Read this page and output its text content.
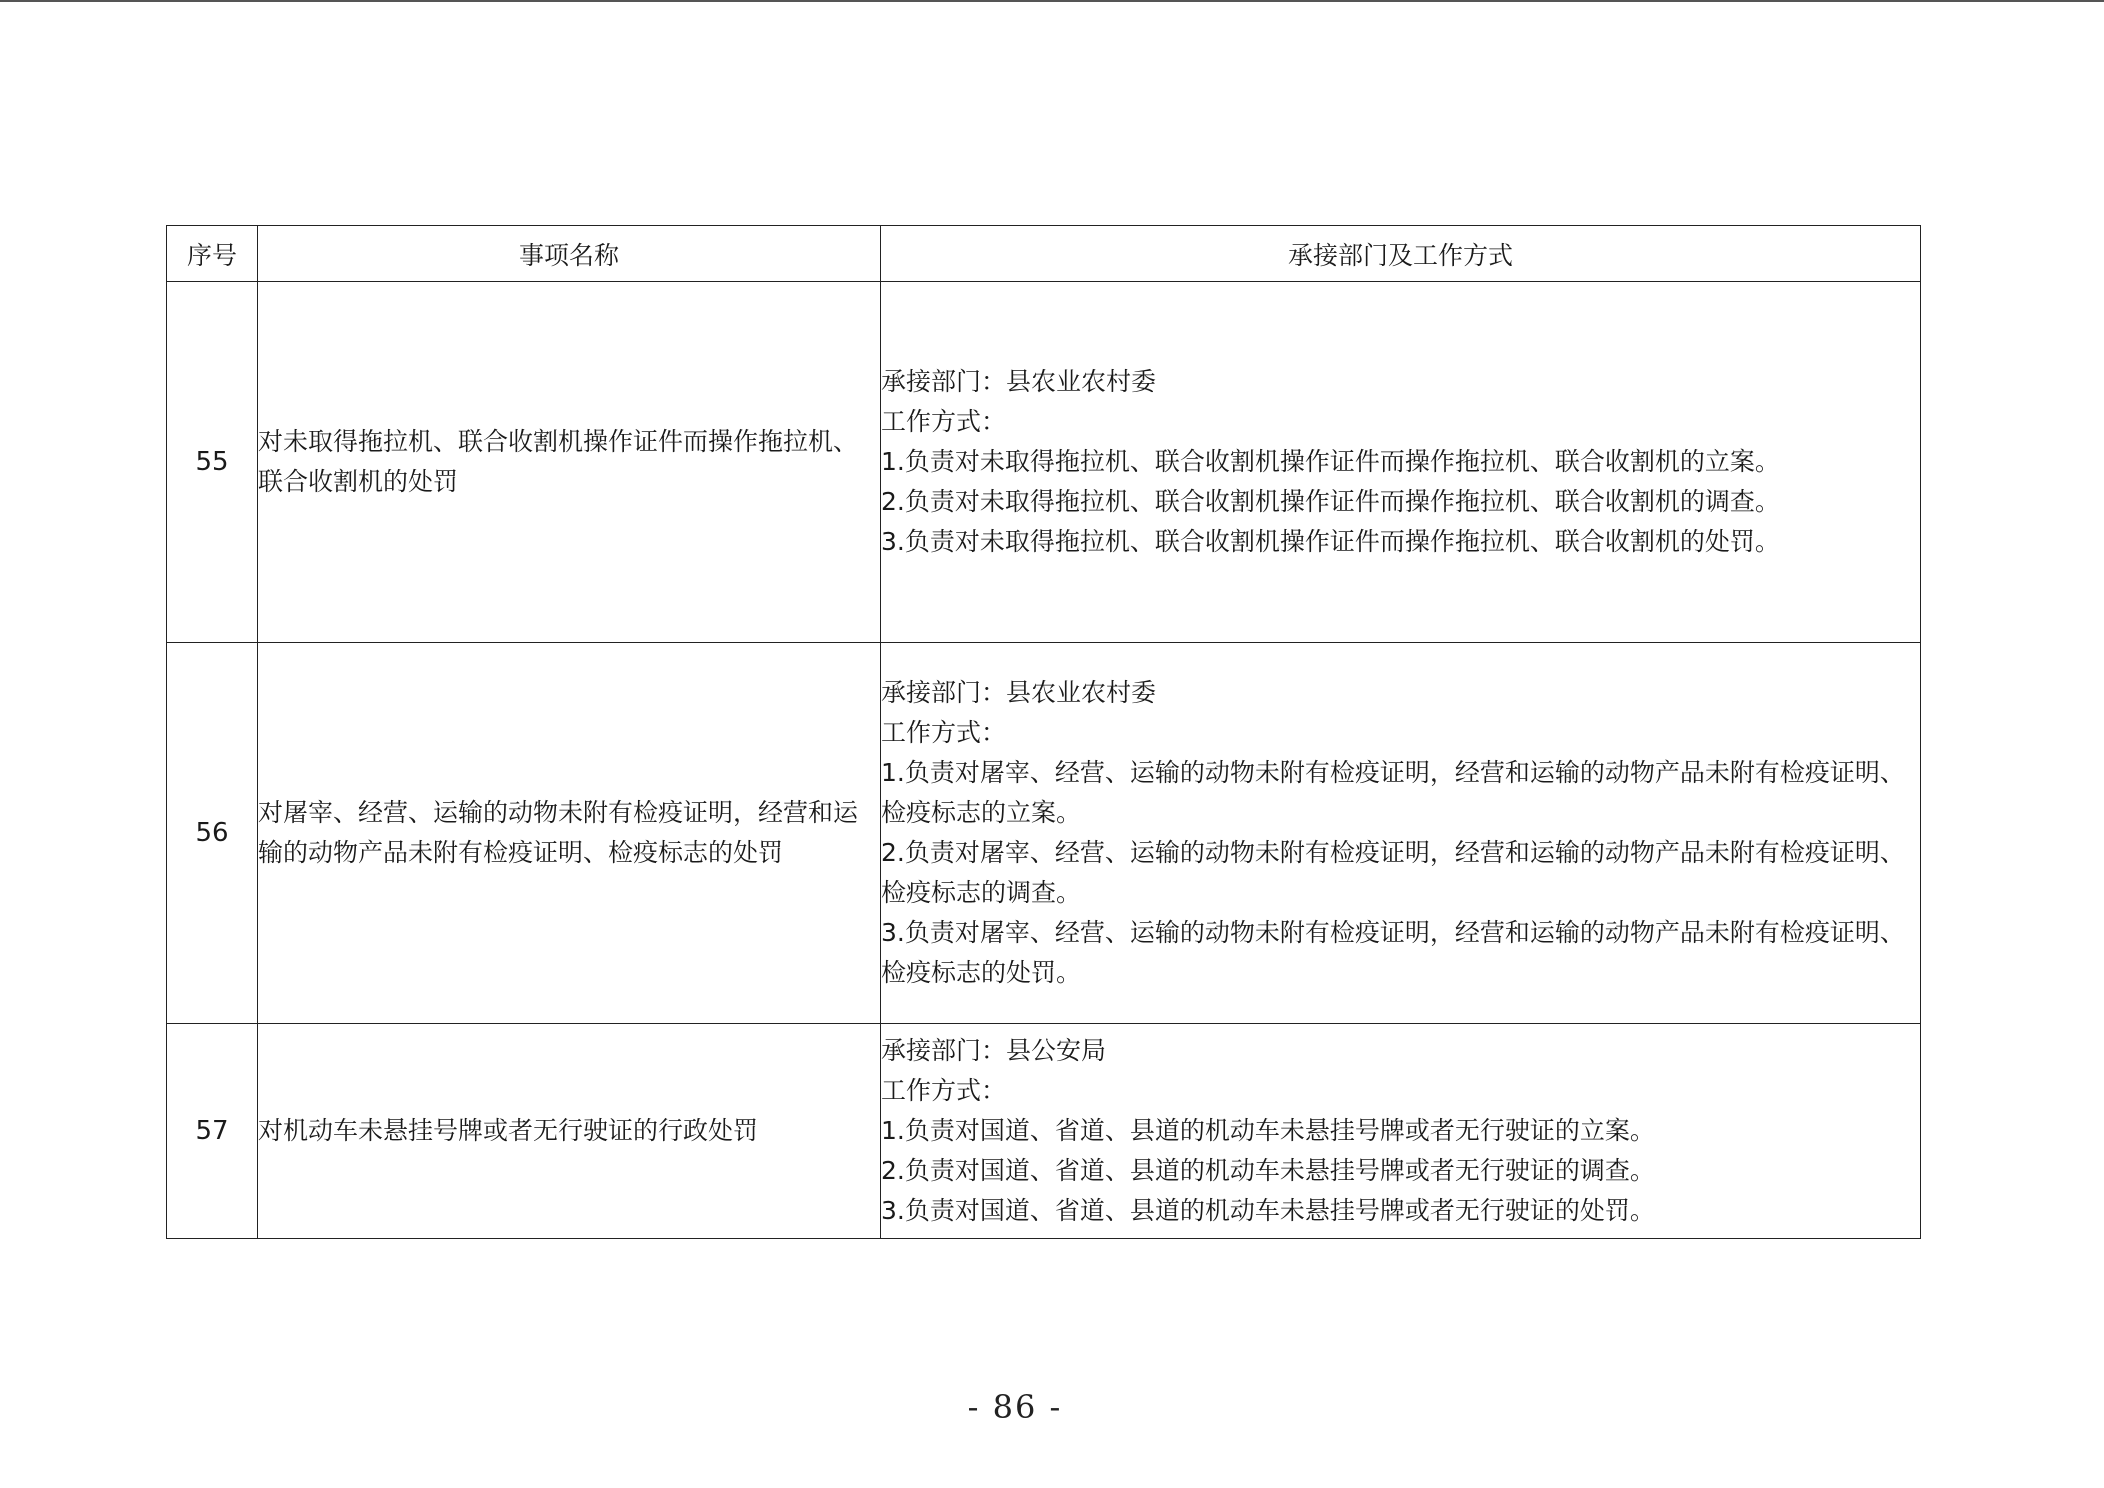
序号	事项名称	承接部门及工作方式
55	对未取得拖拉机、联合收割机操作证件而操作拖拉机、联合收割机的处罚	承接部门：县农业农村委
工作方式：
1.负责对未取得拖拉机、联合收割机操作证件而操作拖拉机、联合收割机的立案。
2.负责对未取得拖拉机、联合收割机操作证件而操作拖拉机、联合收割机的调查。
3.负责对未取得拖拉机、联合收割机操作证件而操作拖拉机、联合收割机的处罚。

56	对屠宰、经营、运输的动物未附有检疫证明，经营和运输的动物产品未附有检疫证明、检疫标志的处罚	承接部门：县农业农村委
工作方式：
1.负责对屠宰、经营、运输的动物未附有检疫证明，经营和运输的动物产品未附有检疫证明、检疫标志的立案。
2.负责对屠宰、经营、运输的动物未附有检疫证明，经营和运输的动物产品未附有检疫证明、检疫标志的调查。
3.负责对屠宰、经营、运输的动物未附有检疫证明，经营和运输的动物产品未附有检疫证明、检疫标志的处罚。

57	对机动车未悬挂号牌或者无行驶证的行政处罚	承接部门：县公安局
工作方式：
1.负责对国道、省道、县道的机动车未悬挂号牌或者无行驶证的立案。
2.负责对国道、省道、县道的机动车未悬挂号牌或者无行驶证的调查。
3.负责对国道、省道、县道的机动车未悬挂号牌或者无行驶证的处罚。
- 86 -
